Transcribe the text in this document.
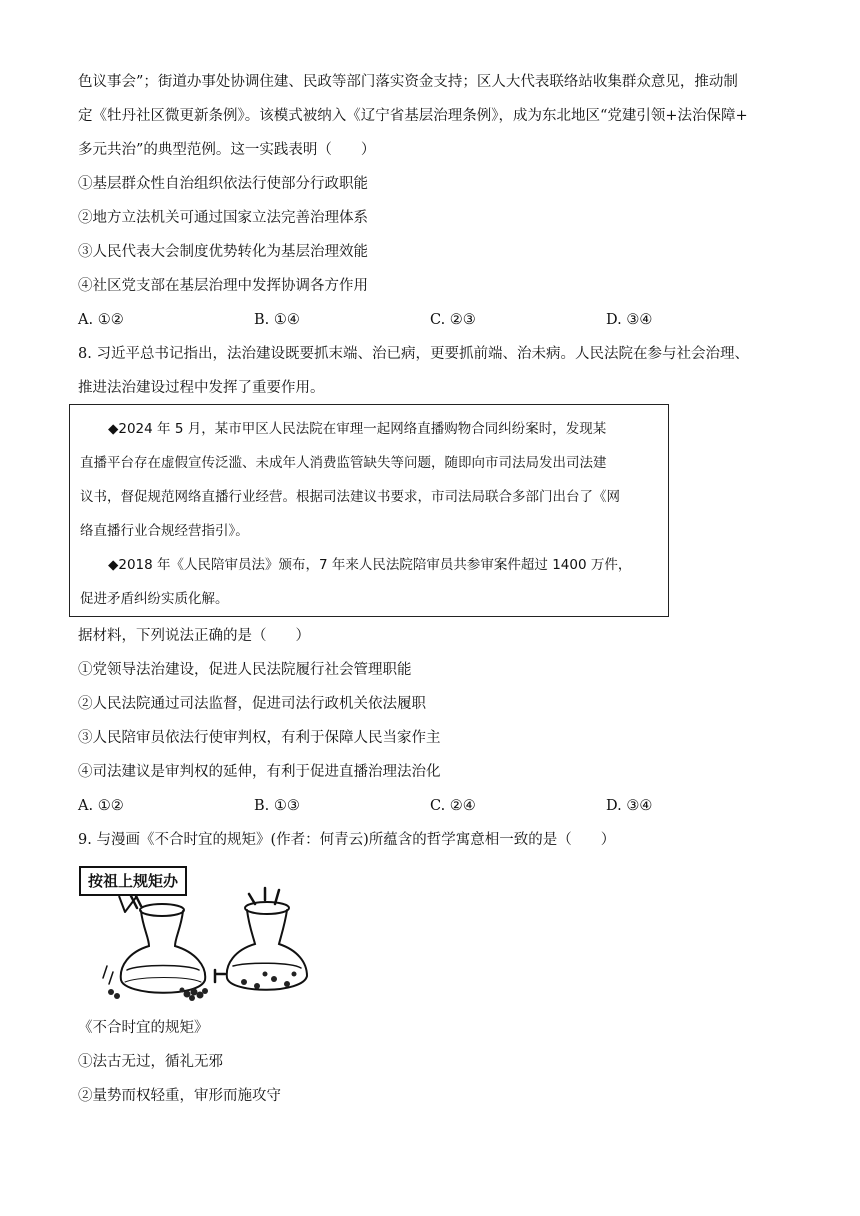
色议事会”；街道办事处协调住建、民政等部门落实资金支持；区人大代表联络站收集群众意见，推动制
定《牡丹社区微更新条例》。该模式被纳入《辽宁省基层治理条例》，成为东北地区“党建引领+法治保障+
多元共治”的典型范例。这一实践表明（　　）
①基层群众性自治组织依法行使部分行政职能
②地方立法机关可通过国家立法完善治理体系
③人民代表大会制度优势转化为基层治理效能
④社区党支部在基层治理中发挥协调各方作用
A. ①②	B. ①④	C. ②③	D. ③④
8. 习近平总书记指出，法治建设既要抓末端、治已病，更要抓前端、治未病。人民法院在参与社会治理、
推进法治建设过程中发挥了重要作用。
◆2024 年 5 月，某市甲区人民法院在审理一起网络直播购物合同纠纷案时，发现某
直播平台存在虚假宣传泛滥、未成年人消费监管缺失等问题，随即向市司法局发出司法建
议书，督促规范网络直播行业经营。根据司法建议书要求，市司法局联合多部门出台了《网
络直播行业合规经营指引》。
◆2018 年《人民陪审员法》颁布，7 年来人民法院陪审员共参审案件超过 1400 万件，
促进矛盾纠纷实质化解。
据材料，下列说法正确的是（　　）
①党领导法治建设，促进人民法院履行社会管理职能
②人民法院通过司法监督，促进司法行政机关依法履职
③人民陪审员依法行使审判权，有利于保障人民当家作主
④司法建议是审判权的延伸，有利于促进直播治理法治化
A. ①②	B. ①③	C. ②④	D. ③④
9. 与漫画《不合时宜的规矩》(作者：何青云)所蕴含的哲学寓意相一致的是（　　）
按祖上规矩办
《不合时宜的规矩》
①法古无过，循礼无邪
②量势而权轻重，审形而施攻守
